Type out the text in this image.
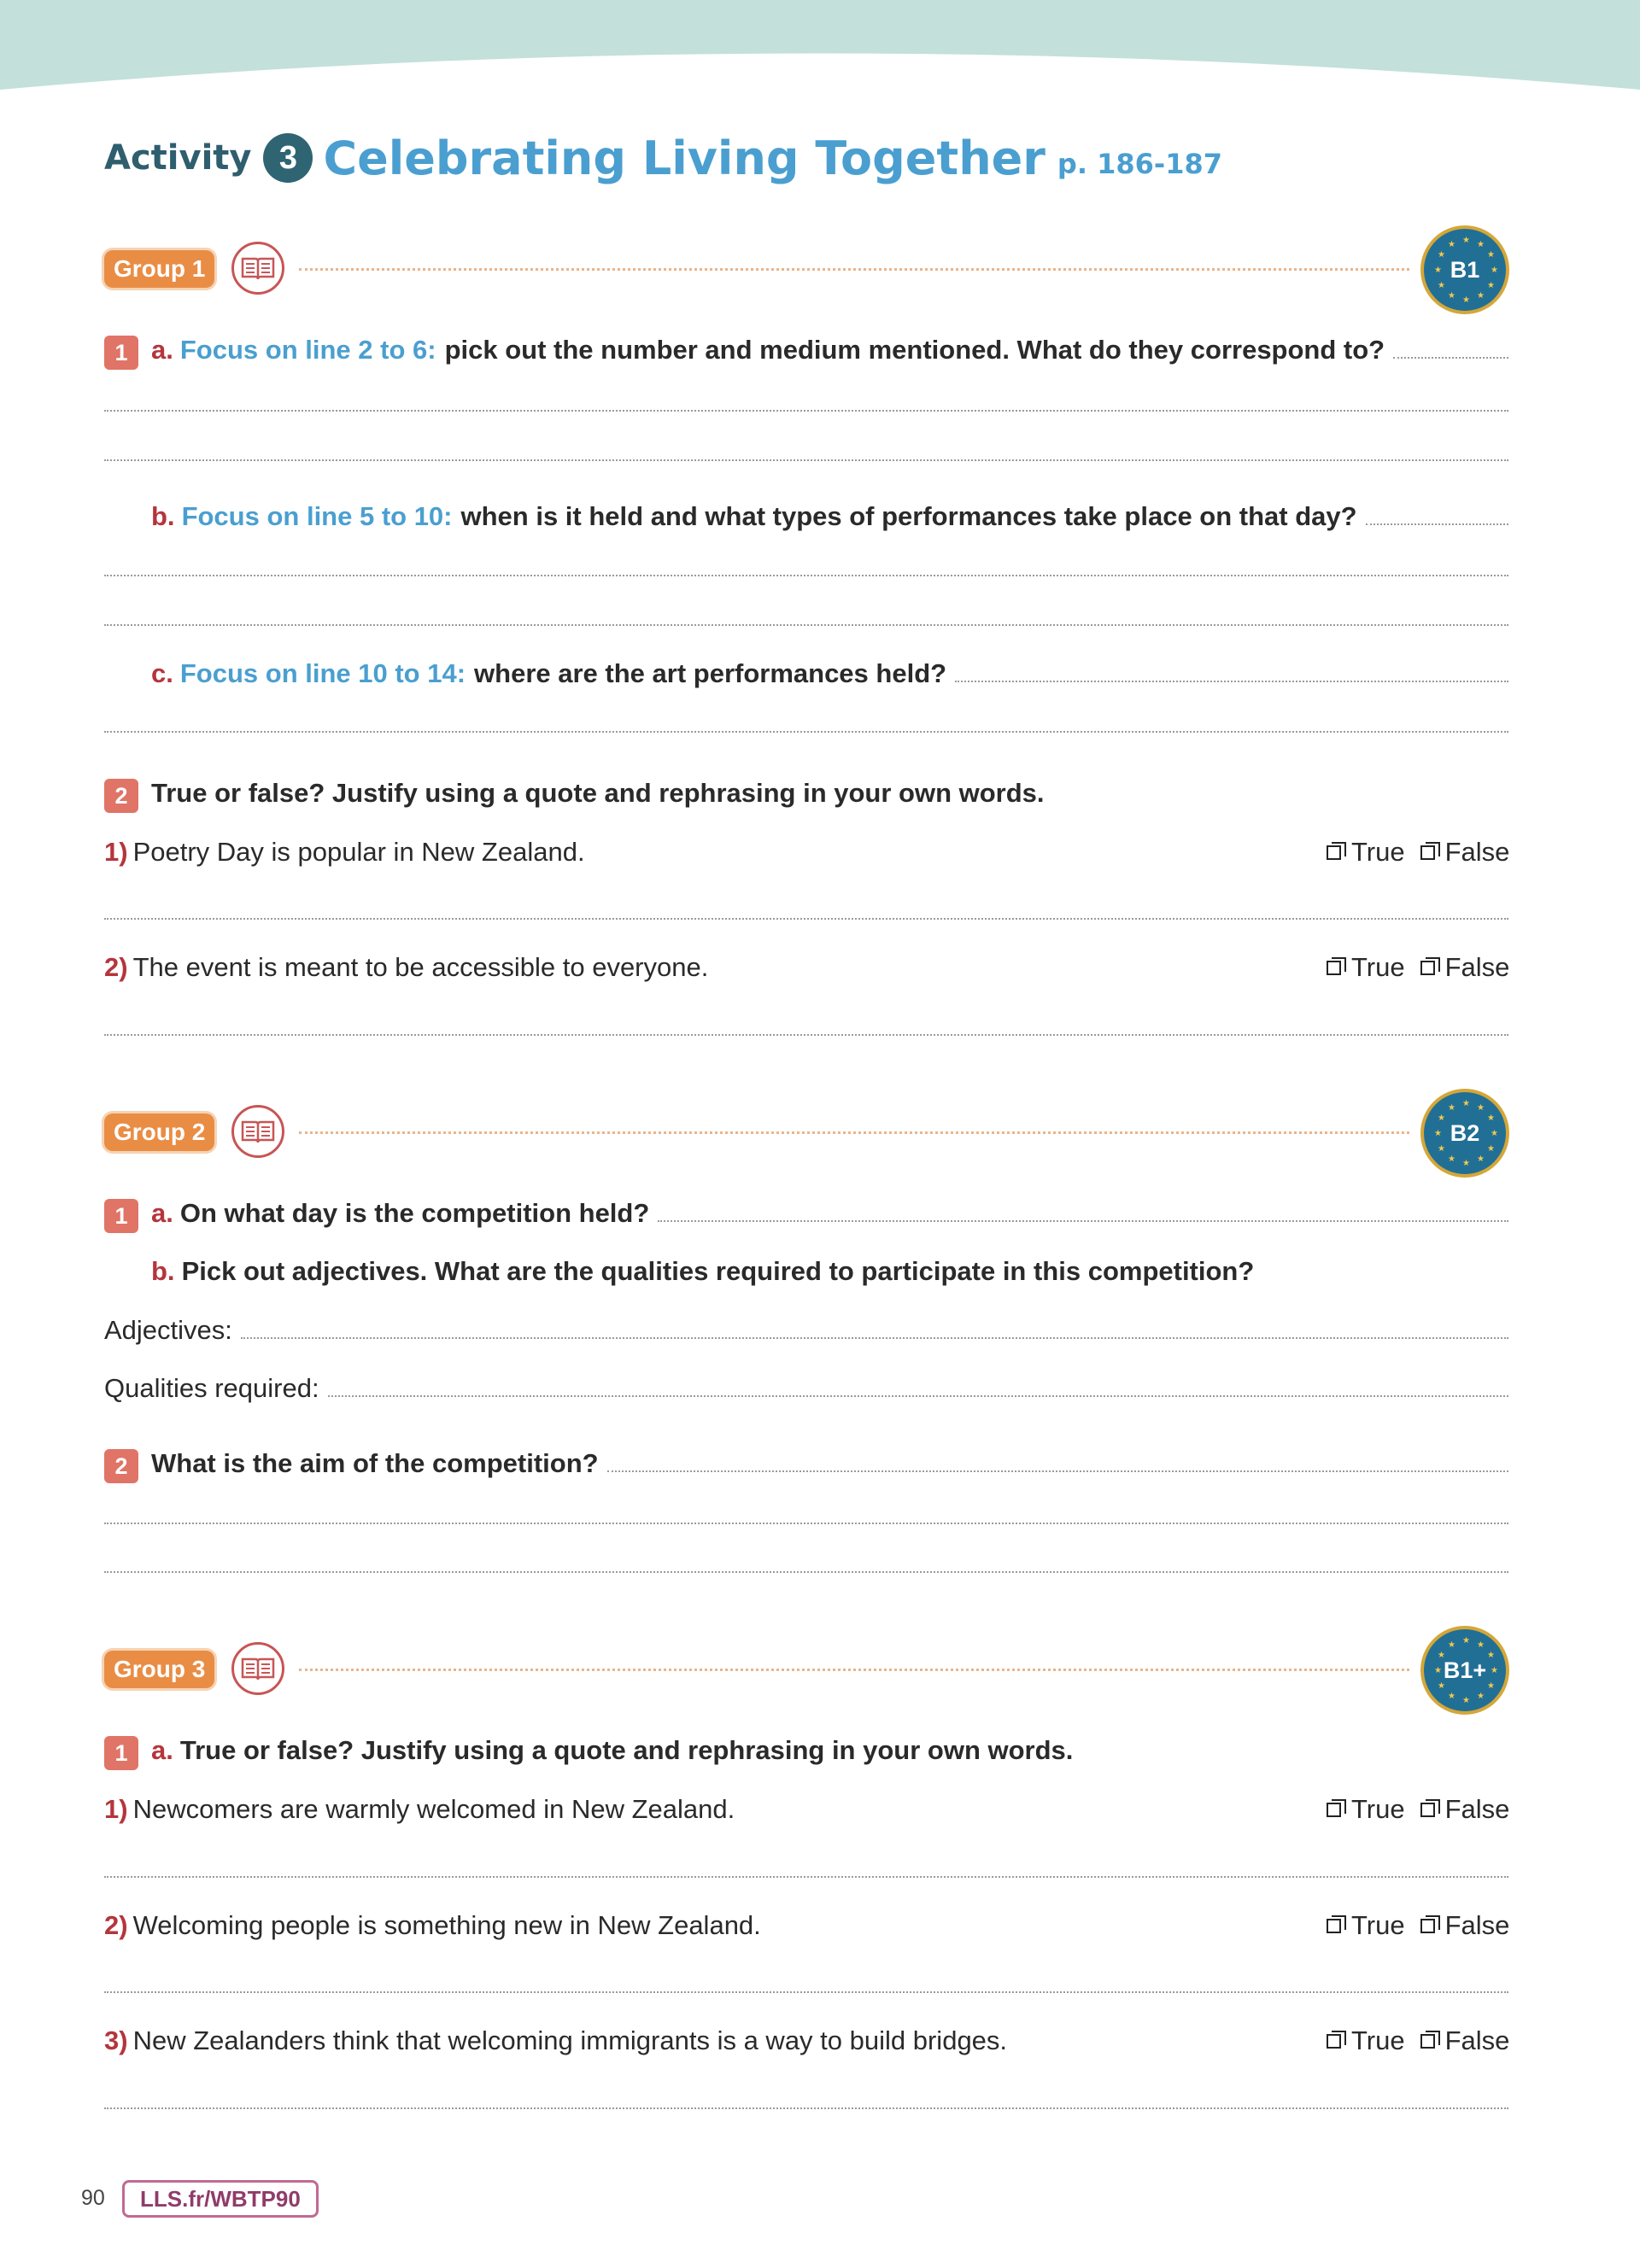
Activity 3 Celebrating Living Together p. 186-187
Group 1
★ ★
★
★
★
★
★
★
★
★
★
★
B1
1 a. Focus on line 2 to 6: pick out the number and medium mentioned. What do they correspond to?
b. Focus on line 5 to 10: when is it held and what types of performances take place on that day?
c. Focus on line 10 to 14: where are the art performances held?
2 True or false? Justify using a quote and rephrasing in your own words.
1) Poetry Day is popular in New Zealand.	True False
2) The event is meant to be accessible to everyone.	True False
Group 2
★ ★
★
★
★
★
★
★
★
★
★
★
B2
1 a. On what day is the competition held?
b. Pick out adjectives. What are the qualities required to participate in this competition?
Adjectives:
Qualities required:
2 What is the aim of the competition?
Group 3
★ ★
★
★
★
★
★
★
★
★
★
★
B1+
1 a. True or false? Justify using a quote and rephrasing in your own words.
1) Newcomers are warmly welcomed in New Zealand.	True False
2) Welcoming people is something new in New Zealand.	True False
3) New Zealanders think that welcoming immigrants is a way to build bridges.	True False
90	LLS.fr/WBTP90
